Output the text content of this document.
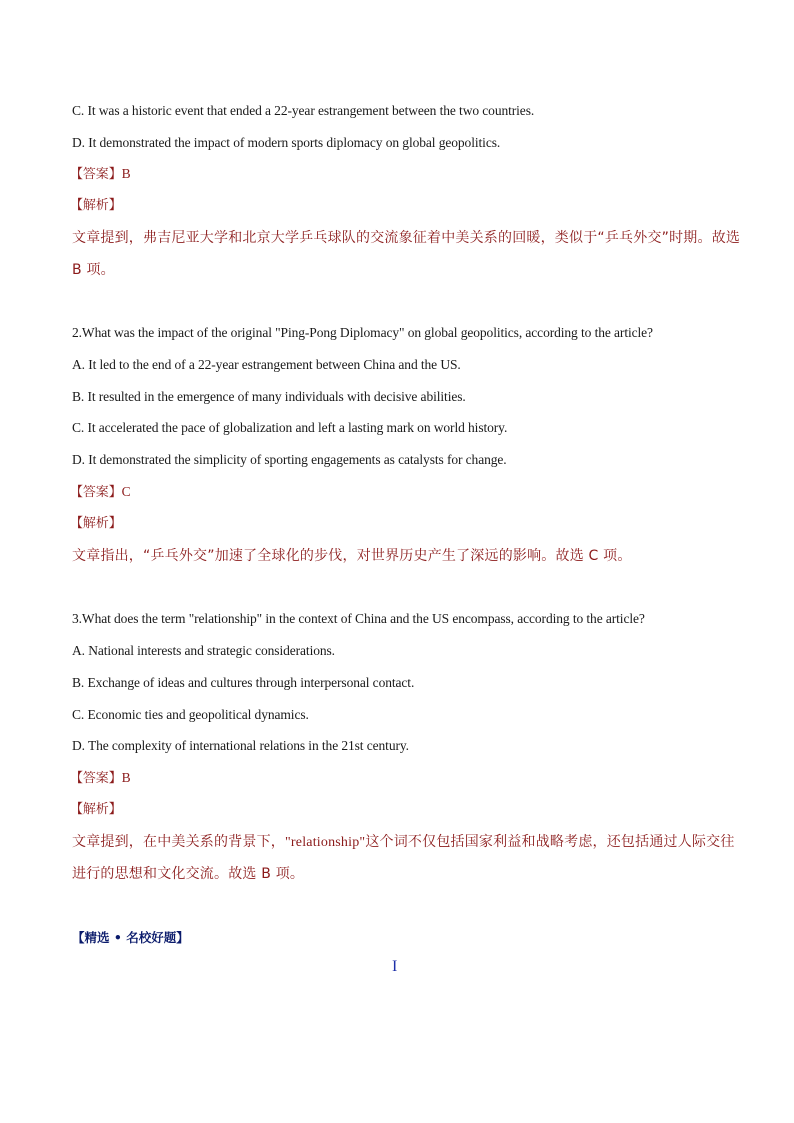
C. It was a historic event that ended a 22-year estrangement between the two countries.
D. It demonstrated the impact of modern sports diplomacy on global geopolitics.
【答案】B
【解析】
文章提到，弗吉尼亚大学和北京大学乒乓球队的交流象征着中美关系的回暖，类似于“乒乓外交”时期。故选
B 项。
2.What was the impact of the original "Ping-Pong Diplomacy" on global geopolitics, according to the article?
A. It led to the end of a 22-year estrangement between China and the US.
B. It resulted in the emergence of many individuals with decisive abilities.
C. It accelerated the pace of globalization and left a lasting mark on world history.
D. It demonstrated the simplicity of sporting engagements as catalysts for change.
【答案】C
【解析】
文章指出，“乒乓外交”加速了全球化的步伐，对世界历史产生了深远的影响。故选 C 项。
3.What does the term "relationship" in the context of China and the US encompass, according to the article?
A. National interests and strategic considerations.
B. Exchange of ideas and cultures through interpersonal contact.
C. Economic ties and geopolitical dynamics.
D. The complexity of international relations in the 21st century.
【答案】B
【解析】
文章提到，在中美关系的背景下，"relationship"这个词不仅包括国家利益和战略考虑，还包括通过人际交往
进行的思想和文化交流。故选 B 项。
【精选 • 名校好题】
I
